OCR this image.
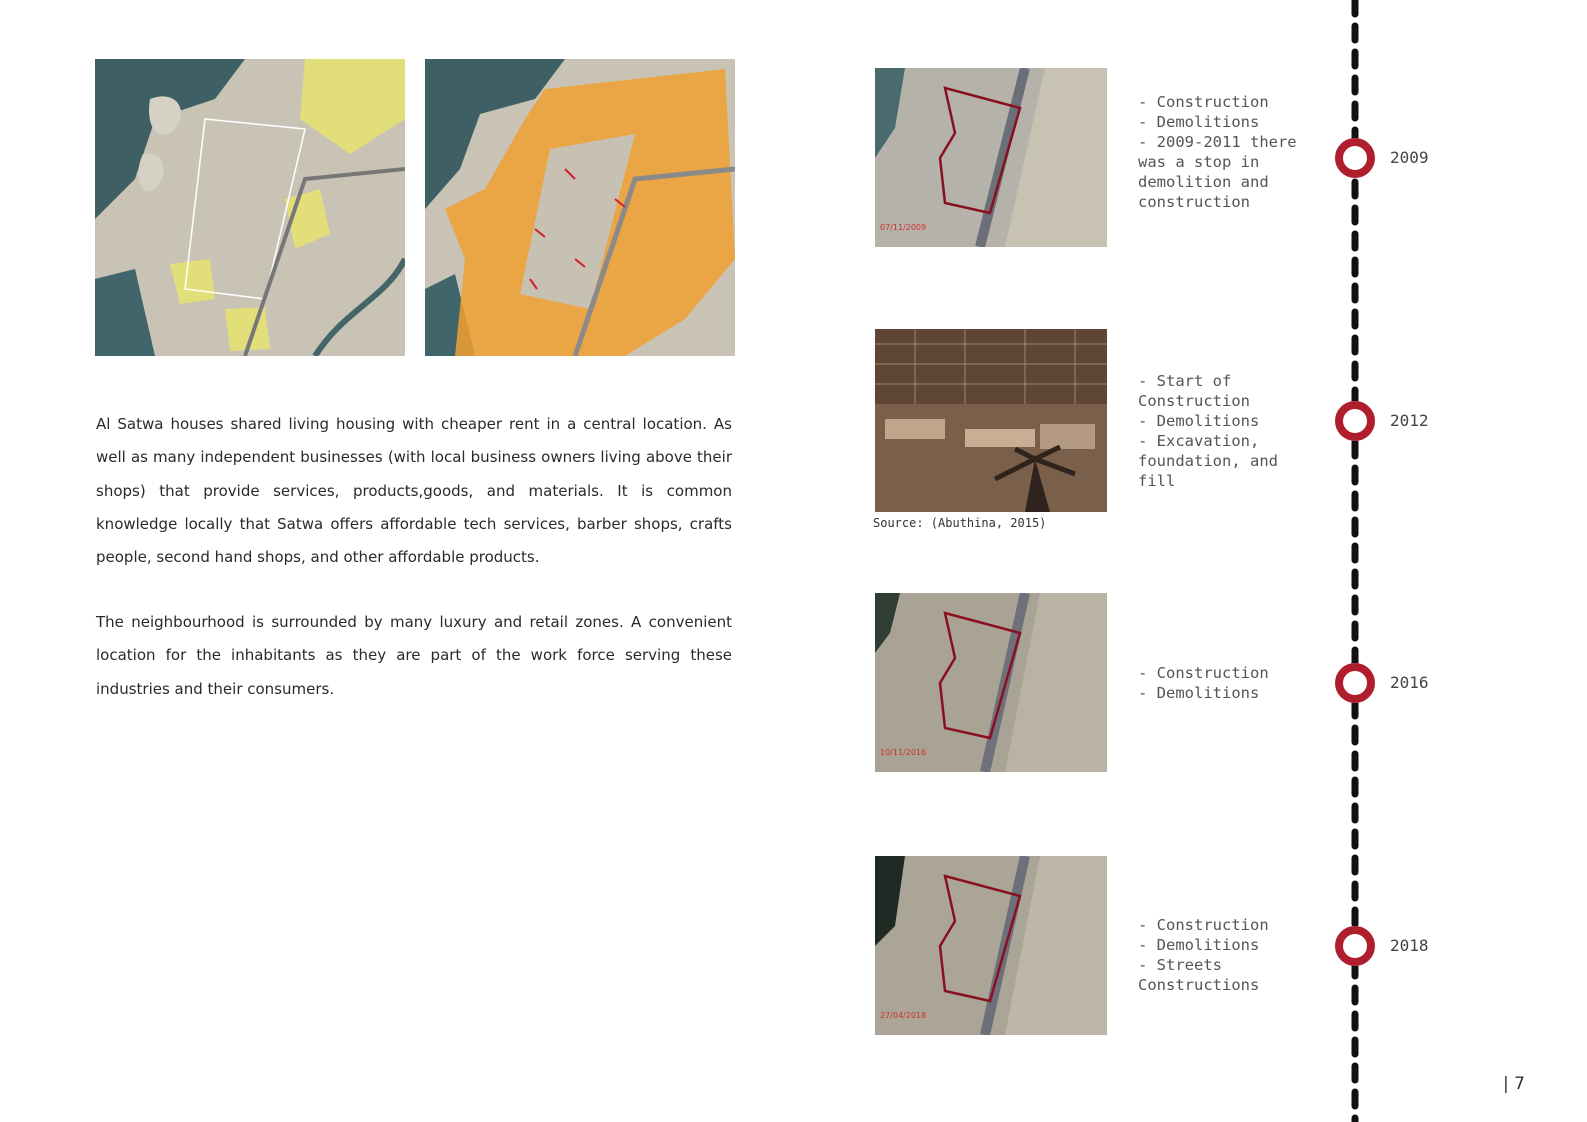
Al Satwa houses shared living housing with cheaper rent in a central location. As well as many independent businesses (with local business owners living above their shops) that provide services, products,goods, and materials. It is common knowledge locally that Satwa offers affordable tech services, barber shops, crafts people, second hand shops, and other affordable products.

The neighbourhood is surrounded by many luxury and retail zones. A convenient location for the inhabitants as they are part of the work force serving these industries and their consumers.

07/11/2009
Source: (Abuthina, 2015)
10/11/2016
27/04/2018

- Construction
- Demolitions
- 2009-2011 there
was a stop in
demolition and
construction

- Start of
Construction
- Demolitions
- Excavation,
foundation, and
fill

- Construction
- Demolitions

- Construction
- Demolitions
- Streets
Constructions

2009
2012
2016
2018
| 7
